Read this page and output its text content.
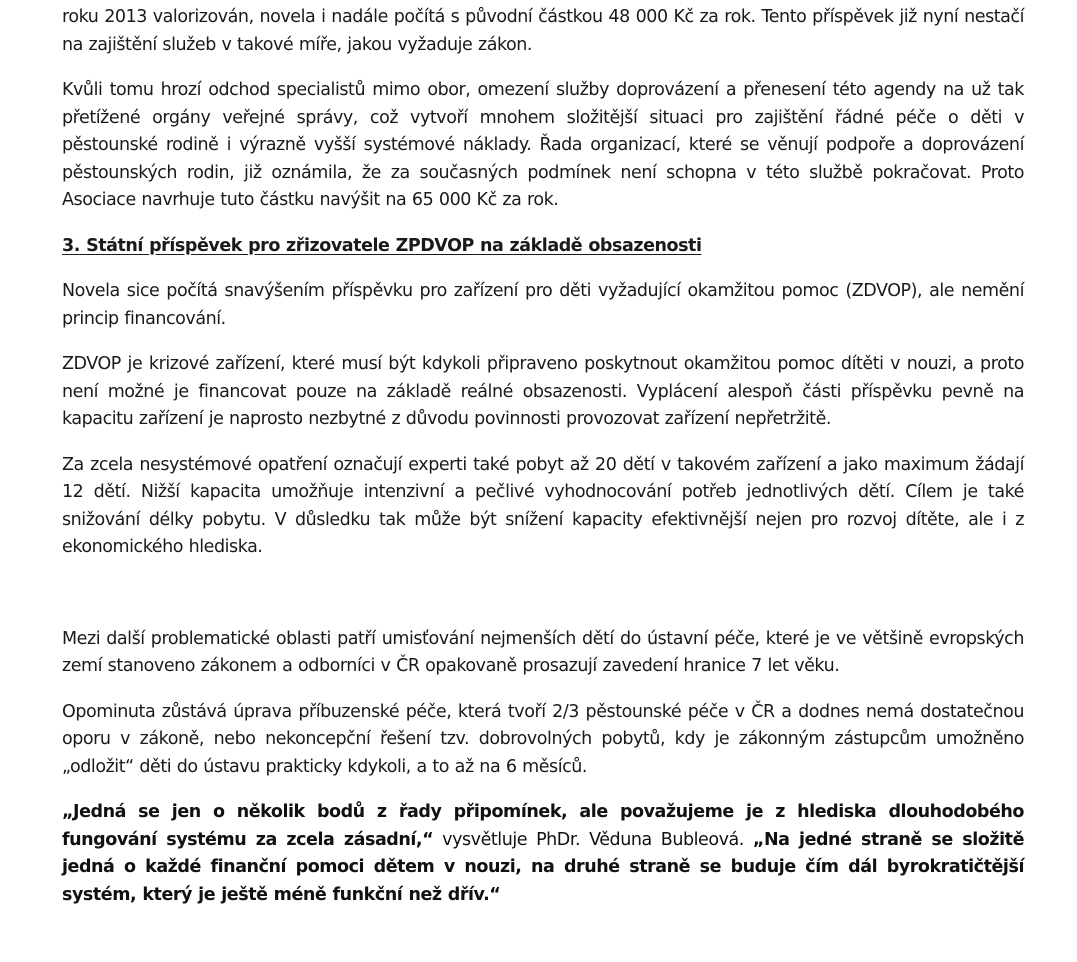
roku 2013 valorizován, novela i nadále počítá s původní částkou 48 000 Kč za rok. Tento příspěvek již nyní nestačí na zajištění služeb v takové míře, jakou vyžaduje zákon.

Kvůli tomu hrozí odchod specialistů mimo obor, omezení služby doprovázení a přenesení této agendy na už tak přetížené orgány veřejné správy, což vytvoří mnohem složitější situaci pro zajištění řádné péče o děti v pěstounské rodině i výrazně vyšší systémové náklady. Řada organizací, které se věnují podpoře a doprovázení pěstounských rodin, již oznámila, že za současných podmínek není schopna v této službě pokračovat. Proto Asociace navrhuje tuto částku navýšit na 65 000 Kč za rok.

3. Státní příspěvek pro zřizovatele ZPDVOP na základě obsazenosti

Novela sice počítá snavýšením příspěvku pro zařízení pro děti vyžadující okamžitou pomoc (ZDVOP), ale nemění princip financování.

ZDVOP je krizové zařízení, které musí být kdykoli připraveno poskytnout okamžitou pomoc dítěti v nouzi, a proto není možné je financovat pouze na základě reálné obsazenosti. Vyplácení alespoň části příspěvku pevně na kapacitu zařízení je naprosto nezbytné z důvodu povinnosti provozovat zařízení nepřetržitě.

Za zcela nesystémové opatření označují experti také pobyt až 20 dětí v takovém zařízení a jako maximum žádají 12 dětí. Nižší kapacita umožňuje intenzivní a pečlivé vyhodnocování potřeb jednotlivých dětí. Cílem je také snižování délky pobytu. V důsledku tak může být snížení kapacity efektivnější nejen pro rozvoj dítěte, ale i z ekonomického hlediska.

Mezi další problematické oblasti patří umisťování nejmenších dětí do ústavní péče, které je ve většině evropských zemí stanoveno zákonem a odborníci v ČR opakovaně prosazují zavedení hranice 7 let věku.

Opominuta zůstává úprava příbuzenské péče, která tvoří 2/3 pěstounské péče v ČR a dodnes nemá dostatečnou oporu v zákoně, nebo nekoncepční řešení tzv. dobrovolných pobytů, kdy je zákonným zástupcům umožněno „odložit“ děti do ústavu prakticky kdykoli, a to až na 6 měsíců.

„Jedná se jen o několik bodů z řady připomínek, ale považujeme je z hlediska dlouhodobého fungování systému za zcela zásadní,“ vysvětluje PhDr. Věduna Bubleová. „Na jedné straně se složitě jedná o každé finanční pomoci dětem v nouzi, na druhé straně se buduje čím dál byrokratičtější systém, který je ještě méně funkční než dřív.“
